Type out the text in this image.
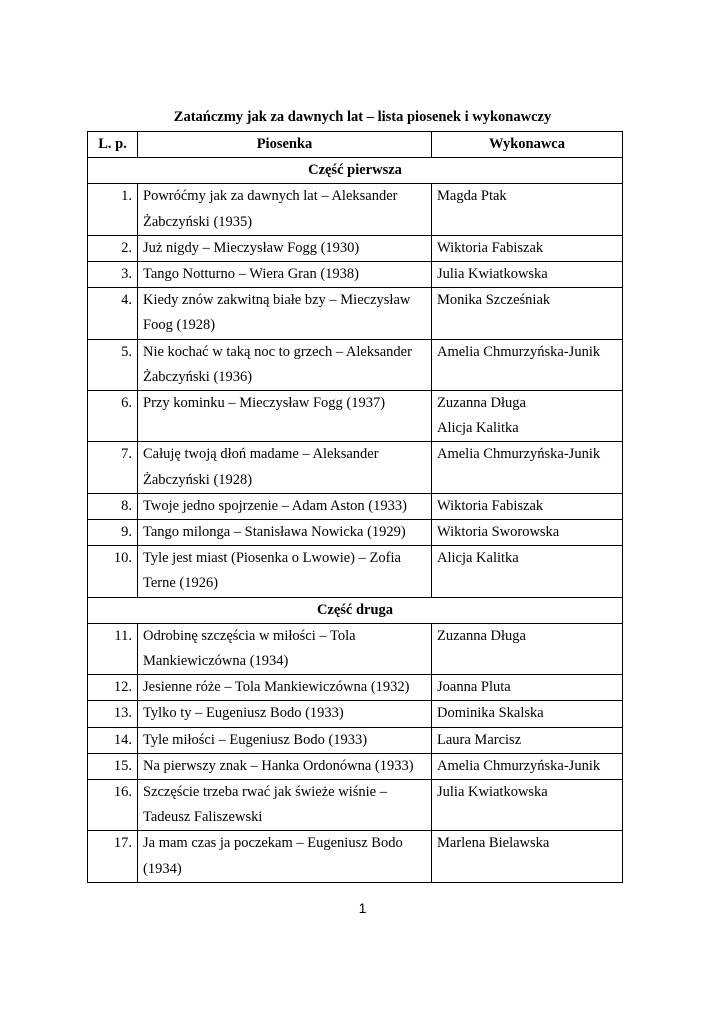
Zatańczmy jak za dawnych lat – lista piosenek i wykonawczy
L. p.	Piosenka	Wykonawca
Część pierwsza		
1.	Powróćmy jak za dawnych lat – Aleksander Żabczyński (1935)	Magda Ptak

2.	Już nigdy – Mieczysław Fogg (1930)	Wiktoria Fabiszak

3.	Tango Notturno – Wiera Gran (1938)	Julia Kwiatkowska

4.	Kiedy znów zakwitną białe bzy – Mieczysław Foog (1928)	Monika Szcześniak

5.	Nie kochać w taką noc to grzech – Aleksander Żabczyński (1936)	Amelia Chmurzyńska-Junik

6.	Przy kominku – Mieczysław Fogg (1937)	Zuzanna Długa
Alicja Kalitka

7.	Całuję twoją dłoń madame – Aleksander Żabczyński (1928)	Amelia Chmurzyńska-Junik

8.	Twoje jedno spojrzenie – Adam Aston (1933)	Wiktoria Fabiszak

9.	Tango milonga – Stanisława Nowicka (1929)	Wiktoria Sworowska

10.	Tyle jest miast (Piosenka o Lwowie) – Zofia Terne (1926)	Alicja Kalitka

Część druga		
11.	Odrobinę szczęścia w miłości – Tola Mankiewiczówna (1934)	Zuzanna Długa

12.	Jesienne róże – Tola Mankiewiczówna (1932)	Joanna Pluta

13.	Tylko ty – Eugeniusz Bodo (1933)	Dominika Skalska

14.	Tyle miłości – Eugeniusz Bodo (1933)	Laura Marcisz

15.	Na pierwszy znak – Hanka Ordonówna (1933)	Amelia Chmurzyńska-Junik

16.	Szczęście trzeba rwać jak świeże wiśnie – Tadeusz Faliszewski	Julia Kwiatkowska

17.	Ja mam czas ja poczekam – Eugeniusz Bodo (1934)	Marlena Bielawska
1
